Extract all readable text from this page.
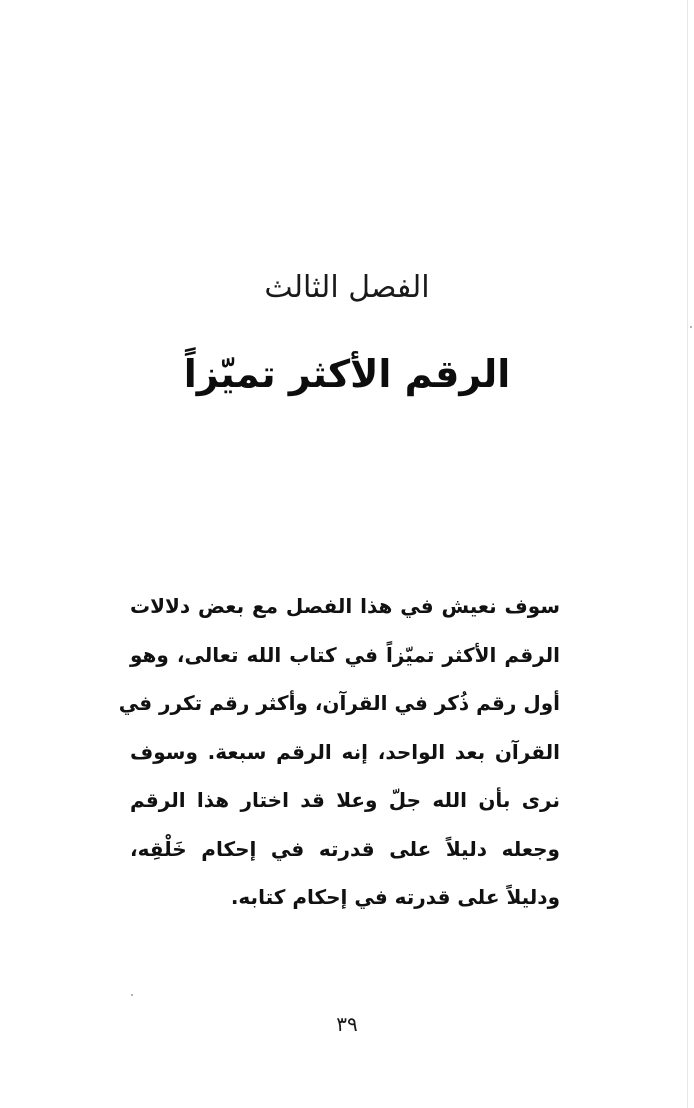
الفصل الثالث
الرقم الأكثر تميّزاً
سوف نعيش في هذا الفصل مع بعض دلالات
الرقم الأكثر تميّزاً في كتاب الله تعالى، وهو
أول رقم ذُكر في القرآن، وأكثر رقم تكرر في
القرآن بعد الواحد، إنه الرقم سبعة. وسوف
نرى بأن الله جلّ وعلا قد اختار هذا الرقم
وجعله دليلاً على قدرته في إحكام خَلْقِه،
ودليلاً على قدرته في إحكام كتابه.
٣٩
